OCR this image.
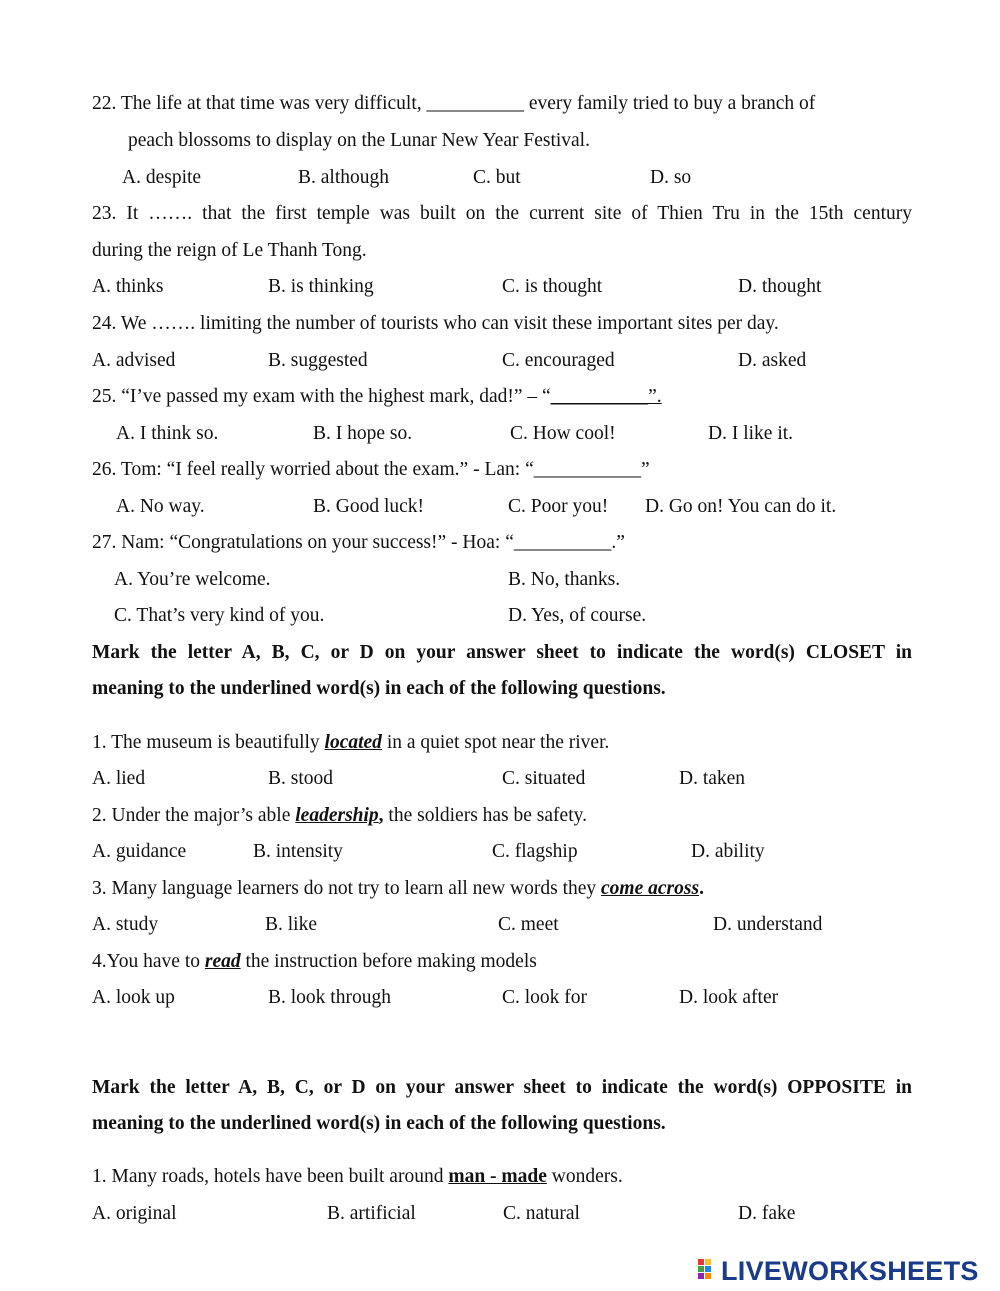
22. The life at that time was very difficult, __________ every family tried to buy a branch of
peach blossoms to display on the Lunar New Year Festival.
A. despite	B. although	C. but	D. so
23. It ……. that the first temple was built on the current site of Thien Tru in the 15th century
during the reign of Le Thanh Tong.
A. thinks	B. is thinking	C. is thought	D. thought
24. We ……. limiting the number of tourists who can visit these important sites per day.
A. advised	B. suggested	C. encouraged	D. asked
25. “I’ve passed my exam with the highest mark, dad!” – “__________”.
A. I think so.	B. I hope so.	C. How cool!	D. I like it.
26. Tom: “I feel really worried about the exam.” - Lan: “___________”
A. No way.	B. Good luck!	C. Poor you! D. Go on! You can do it.
27. Nam: “Congratulations on your success!” - Hoa: “__________.”
A. You’re welcome.	B. No, thanks.
C. That’s very kind of you.	D. Yes, of course.
Mark the letter A, B, C, or D on your answer sheet to indicate the word(s) CLOSET in
meaning to the underlined word(s) in each of the following questions.
1. The museum is beautifully located in a quiet spot near the river.
A. lied	B. stood	C. situated	D. taken
2. Under the major’s able leadership, the soldiers has be safety.
A. guidance	B. intensity	C. flagship	D. ability
3. Many language learners do not try to learn all new words they come across.
A. study	B. like	C. meet	D. understand
4.You have to read the instruction before making models
A. look up	B. look through	C. look for	D. look after
Mark the letter A, B, C, or D on your answer sheet to indicate the word(s) OPPOSITE in
meaning to the underlined word(s) in each of the following questions.
1. Many roads, hotels have been built around man - made wonders.
A. original	B. artificial	C. natural	D. fake
LIVEWORKSHEETS
